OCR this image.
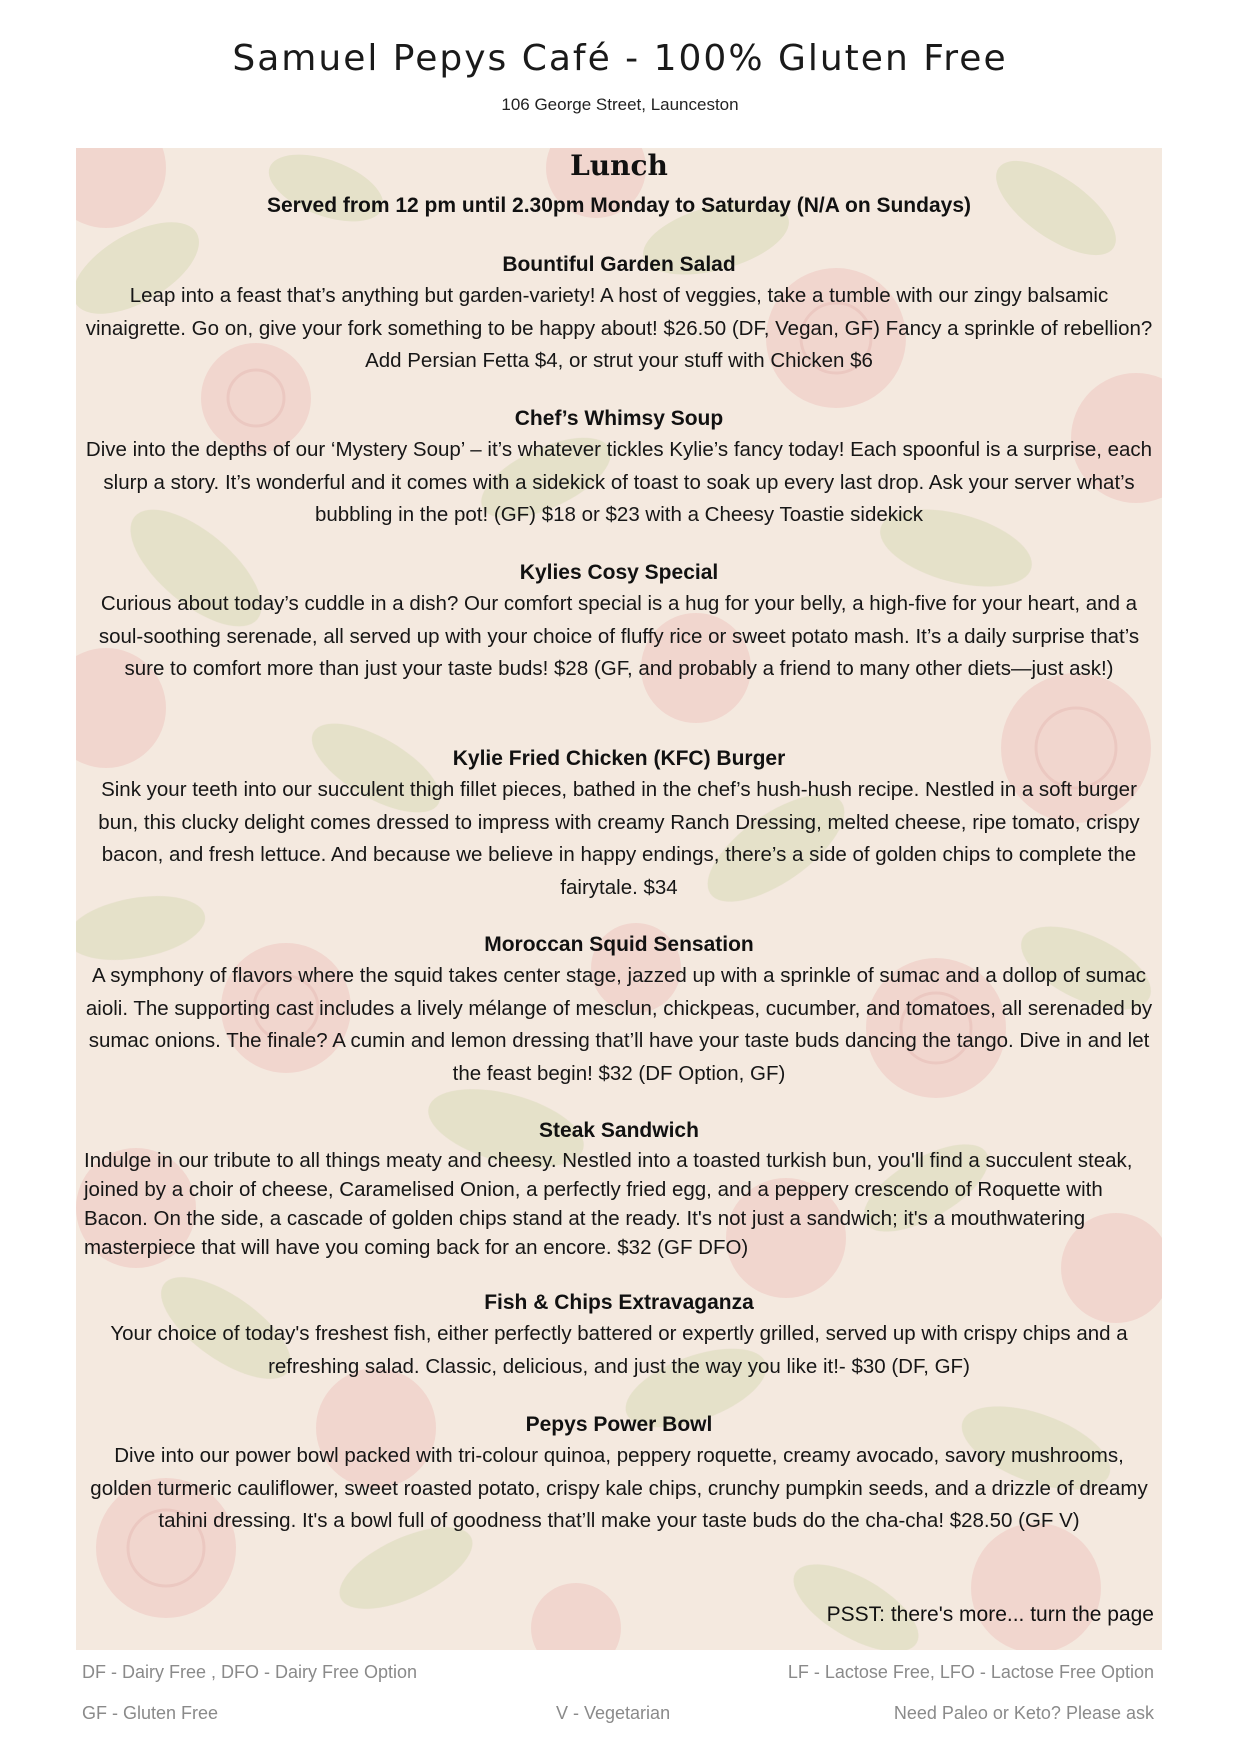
Samuel Pepys Café - 100% Gluten Free
106 George Street, Launceston
Lunch
Served from 12 pm until 2.30pm Monday to Saturday (N/A on Sundays)
Bountiful Garden Salad

Leap into a feast that’s anything but garden-variety! A host of veggies, take a tumble with our zingy balsamic vinaigrette. Go on, give your fork something to be happy about! $26.50 (DF, Vegan, GF) Fancy a sprinkle of rebellion? Add Persian Fetta $4, or strut your stuff with Chicken $6

Chef’s Whimsy Soup

Dive into the depths of our ‘Mystery Soup’ – it’s whatever tickles Kylie’s fancy today! Each spoonful is a surprise, each slurp a story. It’s wonderful and it comes with a sidekick of toast to soak up every last drop. Ask your server what’s bubbling in the pot! (GF) $18 or $23 with a Cheesy Toastie sidekick

Kylies Cosy Special

Curious about today’s cuddle in a dish? Our comfort special is a hug for your belly, a high-five for your heart, and a soul-soothing serenade, all served up with your choice of fluffy rice or sweet potato mash. It’s a daily surprise that’s sure to comfort more than just your taste buds! $28 (GF, and probably a friend to many other diets—just ask!)

Kylie Fried Chicken (KFC) Burger

Sink your teeth into our succulent thigh fillet pieces, bathed in the chef’s hush-hush recipe. Nestled in a soft burger bun, this clucky delight comes dressed to impress with creamy Ranch Dressing, melted cheese, ripe tomato, crispy bacon, and fresh lettuce. And because we believe in happy endings, there’s a side of golden chips to complete the fairytale. $34

Moroccan Squid Sensation

A symphony of flavors where the squid takes center stage, jazzed up with a sprinkle of sumac and a dollop of sumac aioli. The supporting cast includes a lively mélange of mesclun, chickpeas, cucumber, and tomatoes, all serenaded by sumac onions. The finale? A cumin and lemon dressing that’ll have your taste buds dancing the tango. Dive in and let the feast begin! $32 (DF Option, GF)

Steak Sandwich

Indulge in our tribute to all things meaty and cheesy. Nestled into a toasted turkish bun, you'll find a succulent steak, joined by a choir of cheese, Caramelised Onion, a perfectly fried egg, and a peppery crescendo of Roquette with Bacon. On the side, a cascade of golden chips stand at the ready. It's not just a sandwich; it's a mouthwatering masterpiece that will have you coming back for an encore. $32 (GF DFO)

Fish & Chips Extravaganza

Your choice of today's freshest fish, either perfectly battered or expertly grilled, served up with crispy chips and a refreshing salad. Classic, delicious, and just the way you like it!- $30 (DF, GF)

Pepys Power Bowl

Dive into our power bowl packed with tri-colour quinoa, peppery roquette, creamy avocado, savory mushrooms, golden turmeric cauliflower, sweet roasted potato, crispy kale chips, crunchy pumpkin seeds, and a drizzle of dreamy tahini dressing. It's a bowl full of goodness that’ll make your taste buds do the cha-cha! $28.50 (GF V)

PSST: there's more... turn the page
DF - Dairy Free , DFO - Dairy Free Option	LF - Lactose Free, LFO - Lactose Free Option
GF - Gluten Free	V - Vegetarian	Need Paleo or Keto? Please ask
